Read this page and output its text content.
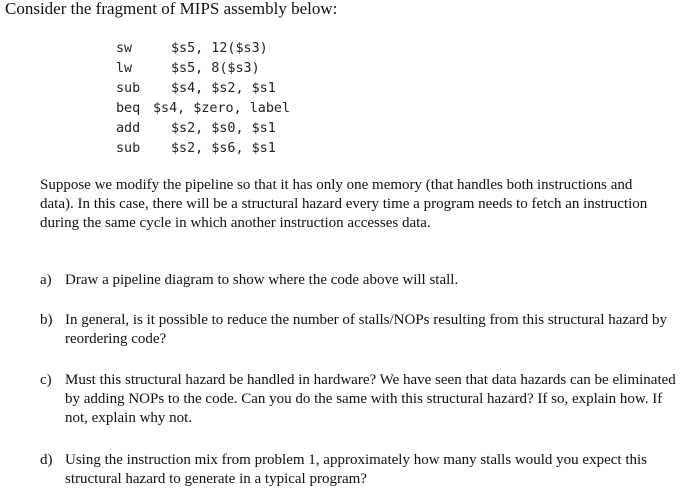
Consider the fragment of MIPS assembly below:

sw	$s5, 12($s3)
lw	$s5, 8($s3)
sub $s4, $s2, $s1
beq $s4, $zero, label
add $s2, $s0, $s1
sub $s2, $s6, $s1

Suppose we modify the pipeline so that it has only one memory (that handles both instructions and data). In this case, there will be a structural hazard every time a program needs to fetch an instruction during the same cycle in which another instruction accesses data.

a) Draw a pipeline diagram to show where the code above will stall.
b) In general, is it possible to reduce the number of stalls/NOPs resulting from this structural hazard by reordering code?
c) Must this structural hazard be handled in hardware? We have seen that data hazards can be eliminated by adding NOPs to the code. Can you do the same with this structural hazard? If so, explain how. If not, explain why not.
d) Using the instruction mix from problem 1, approximately how many stalls would you expect this structural hazard to generate in a typical program?
